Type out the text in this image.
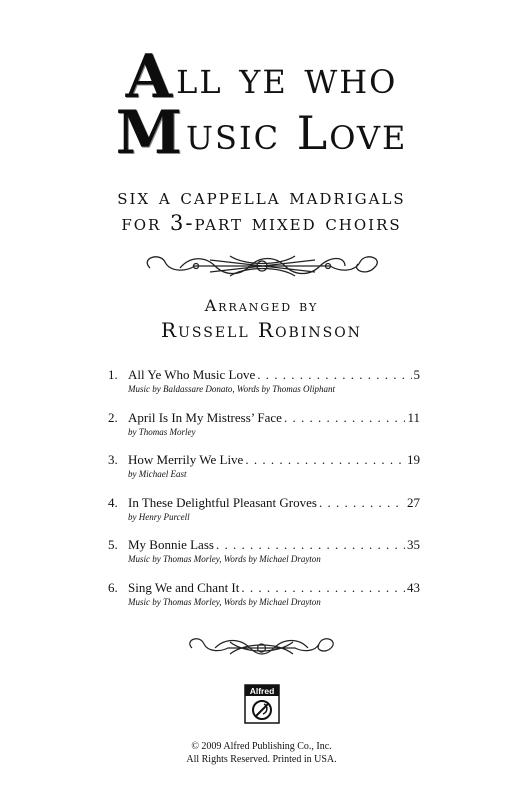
All ye who
Music Love
six a cappella madrigals
for 3-part mixed choirs
Arranged by
Russell Robinson
1. All Ye Who Music Love . . .	5
Music by Baldassare Donato, Words by Thomas Oliphant
2. April Is In My Mistress’ Face . . .	11
by Thomas Morley
3. How Merrily We Live . . .	19
by Michael East
4. In These Delightful Pleasant Groves . . .	27
by Henry Purcell
5. My Bonnie Lass . . .	35
Music by Thomas Morley, Words by Michael Drayton
6. Sing We and Chant It . . .	43
Music by Thomas Morley, Words by Michael Drayton
Alfred
© 2009 Alfred Publishing Co., Inc.
All Rights Reserved. Printed in USA.
